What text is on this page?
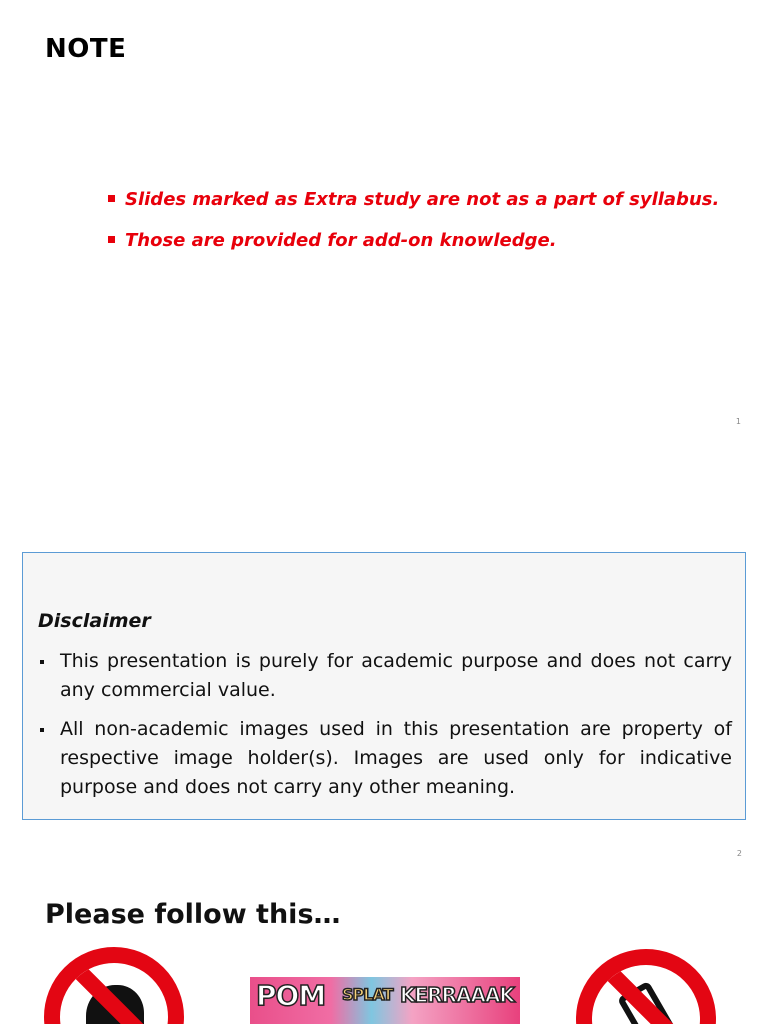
NOTE
Slides marked as Extra study are not as a part of syllabus.
Those are provided for add-on knowledge.
1
Disclaimer
This presentation is purely for academic purpose and does not carry any commercial value.
All non-academic images used in this presentation are property of respective image holder(s). Images are used only for indicative purpose and does not carry any other meaning.
2
Please follow this…
POM SPLAT KERRAAAK
